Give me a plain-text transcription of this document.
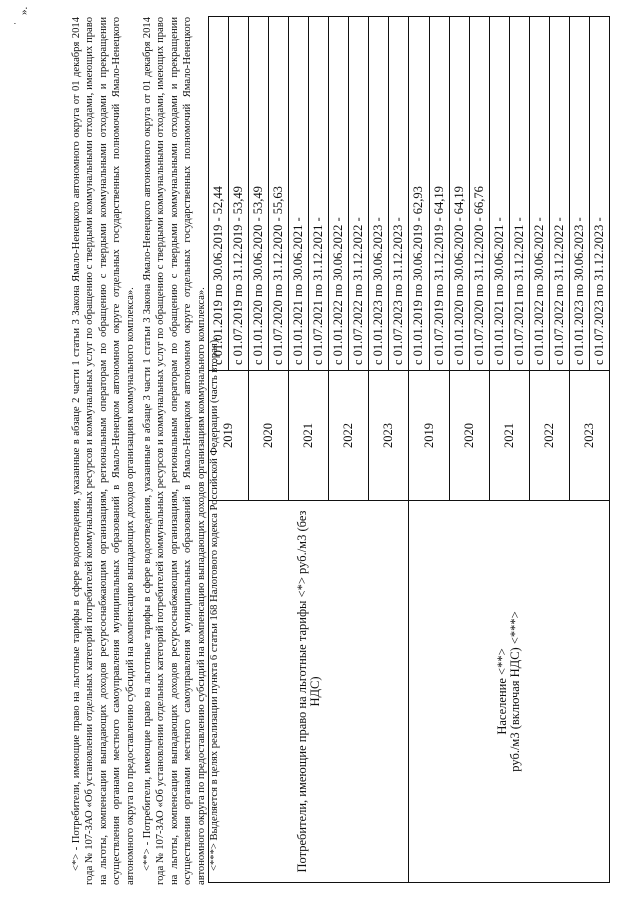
·
Потребители, имеющие право на льготные тарифы <*> руб./м3 (без НДС)	2019	с 01.01.2019 по 30.06.2019 - 52,44
		с 01.07.2019 по 31.12.2019 - 53,49
	2020	с 01.01.2020 по 30.06.2020 - 53,49
		с 01.07.2020 по 31.12.2020 - 55,63
	2021	с 01.01.2021 по 30.06.2021 -
		с 01.07.2021 по 31.12.2021 -
	2022	с 01.01.2022 по 30.06.2022 -
		с 01.07.2022 по 31.12.2022 -
	2023	с 01.01.2023 по 30.06.2023 -
		с 01.07.2023 по 31.12.2023 -
Население <**>
руб./м3 (включая НДС) <***>	2019	с 01.01.2019 по 30.06.2019 - 62,93
		с 01.07.2019 по 31.12.2019 - 64,19
	2020	с 01.01.2020 по 30.06.2020 - 64,19
		с 01.07.2020 по 31.12.2020 - 66,76
	2021	с 01.01.2021 по 30.06.2021 -
		с 01.07.2021 по 31.12.2021 -
	2022	с 01.01.2022 по 30.06.2022 -
		с 01.07.2022 по 31.12.2022 -
	2023	с 01.01.2023 по 30.06.2023 -
		с 01.07.2023 по 31.12.2023 -

<*> - Потребители, имеющие право на льготные тарифы в сфере водоотведения, указанные в абзаце 2 части 1 статьи 3 Закона Ямало-Ненецкого автономного округа от 01 декабря 2014 года № 107-ЗАО «Об установлении отдельных категорий потребителей коммунальных ресурсов и коммунальных услуг по обращению с твердыми коммунальными отходами, имеющих право на льготы, компенсации выпадающих доходов ресурсоснабжающим организациям, региональным операторам по обращению с твердыми коммунальными отходами и прекращении осуществления органами местного самоуправления муниципальных образований в Ямало-Ненецком автономном округе отдельных государственных полномочий Ямало-Ненецкого автономного округа по предоставлению субсидий на компенсацию выпадающих доходов организациям коммунального комплекса». <**> - Потребители, имеющие право на льготные тарифы в сфере водоотведения, указанные в абзаце 3 части 1 статьи 3 Закона Ямало-Ненецкого автономного округа от 01 декабря 2014 года № 107-ЗАО «Об установлении отдельных категорий потребителей коммунальных ресурсов и коммунальных услуг по обращению с твердыми коммунальными отходами, имеющих право на льготы, компенсации выпадающих доходов ресурсоснабжающим организациям, региональным операторам по обращению с твердыми коммунальными отходами и прекращении осуществления органами местного самоуправления муниципальных образований в Ямало-Ненецком автономном округе отдельных государственных полномочий Ямало-Ненецкого автономного округа по предоставлению субсидий на компенсацию выпадающих доходов организациям коммунального комплекса». <***> Выделяется в целях реализации пункта 6 статьи 168 Налогового кодекса Российской Федерации (часть вторая).

».
